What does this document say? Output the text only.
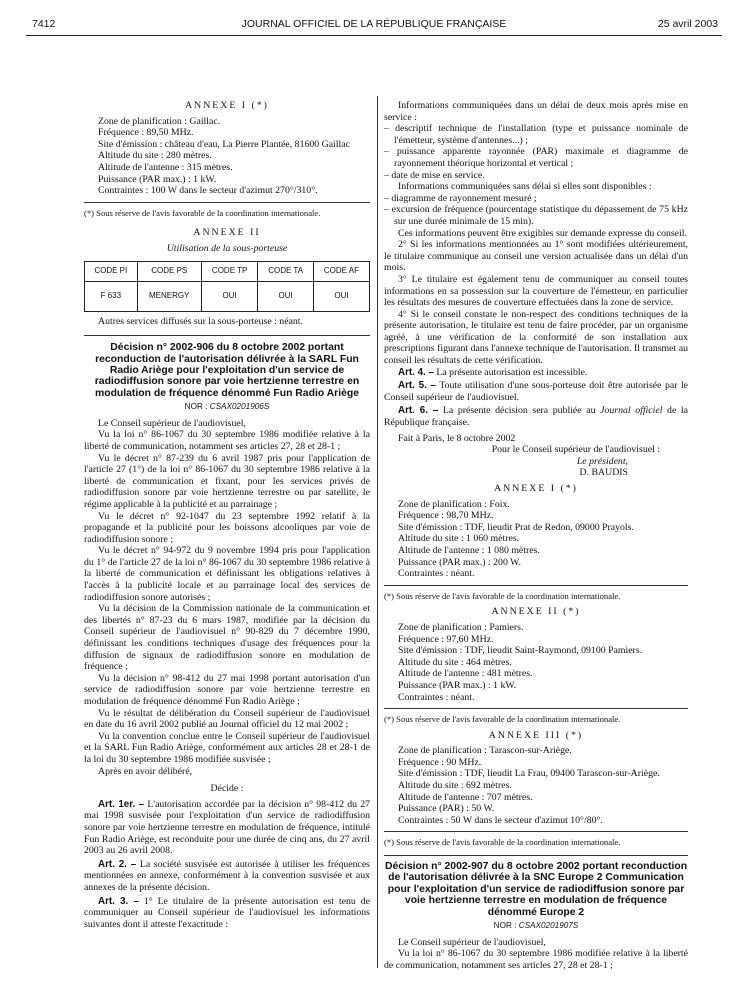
7412	JOURNAL OFFICIEL DE LA RÉPUBLIQUE FRANÇAISE	25 avril 2003
ANNEXE I (*)
Zone de planification : Gaillac.
Fréquence : 89,50 MHz.
Site d'émission : château d'eau, La Pierre Plantée, 81600 Gaillac
Altitude du site : 280 mètres.
Altitude de l'antenne : 315 mètres.
Puissance (PAR max.) : 1 kW.
Contraintes : 100 W dans le secteur d'azimut 270°/310°.
(*) Sous réserve de l'avis favorable de la coordination internationale.
ANNEXE II
Utilisation de la sous-porteuse
CODE PI	CODE PS	CODE TP	CODE TA	CODE AF
F 633	MENERGY	OUI	OUI	OUI
Autres services diffusés sur la sous-porteuse : néant.
Décision n° 2002-906 du 8 octobre 2002 portant reconduction de l'autorisation délivrée à la SARL Fun Radio Ariège pour l'exploitation d'un service de radiodiffusion sonore par voie hertzienne terrestre en modulation de fréquence dénommé Fun Radio Ariège
NOR : CSAX0201906S
Le Conseil supérieur de l'audiovisuel,
Vu la loi n° 86-1067 du 30 septembre 1986 modifiée relative à la liberté de communication, notamment ses articles 27, 28 et 28-1 ;
Vu le décret n° 87-239 du 6 avril 1987 pris pour l'application de l'article 27 (1°) de la loi n° 86-1067 du 30 septembre 1986 relative à la liberté de communication et fixant, pour les services privés de radiodiffusion sonore par voie hertzienne terrestre ou par satellite, le régime applicable à la publicité et au parrainage ;
Vu le décret n° 92-1047 du 23 septembre 1992 relatif à la propagande et la publicité pour les boissons alcooliques par voie de radiodiffusion sonore ;
Vu le décret n° 94-972 du 9 novembre 1994 pris pour l'application du 1° de l'article 27 de la loi n° 86-1067 du 30 septembre 1986 relative à la liberté de communication et définissant les obligations relatives à l'accès à la publicité locale et au parrainage local des services de radiodiffusion sonore autorisés ;
Vu la décision de la Commission nationale de la communication et des libertés n° 87-23 du 6 mars 1987, modifiée par la décision du Conseil supérieur de l'audiovisuel n° 90-829 du 7 décembre 1990, définissant les conditions techniques d'usage des fréquences pour la diffusion de signaux de radiodiffusion sonore en modulation de fréquence ;
Vu la décision n° 98-412 du 27 mai 1998 portant autorisation d'un service de radiodiffusion sonore par voie hertzienne terrestre en modulation de fréquence dénommé Fun Radio Ariège ;
Vu le résultat de délibération du Conseil supérieur de l'audiovisuel en date du 16 avril 2002 publié au Journal officiel du 12 mai 2002 ;
Vu la convention conclue entre le Conseil supérieur de l'audiovisuel et la SARL Fun Radio Ariège, conformément aux articles 28 et 28-1 de la loi du 30 septembre 1986 modifiée susvisée ;
Après en avoir délibéré,
Décide :
Art. 1er. – L'autorisation accordée par la décision n° 98-412 du 27 mai 1998 susvisée pour l'exploitation d'un service de radiodiffusion sonore par voie hertzienne terrestre en modulation de fréquence, intitulé Fun Radio Ariège, est reconduite pour une durée de cinq ans, du 27 avril 2003 au 26 avril 2008.
Art. 2. – La société susvisée est autorisée à utiliser les fréquences mentionnées en annexe, conformément à la convention susvisée et aux annexes de la présente décision.
Art. 3. – 1° Le titulaire de la présente autorisation est tenu de communiquer au Conseil supérieur de l'audiovisuel les informations suivantes dont il atteste l'exactitude :
Informations communiquées dans un délai de deux mois après mise en service :
– descriptif technique de l'installation (type et puissance nominale de l'émetteur, système d'antennes...) ;
– puissance apparente rayonnée (PAR) maximale et diagramme de rayonnement théorique horizontal et vertical ;
– date de mise en service.
Informations communiquées sans délai si elles sont disponibles :
– diagramme de rayonnement mesuré ;
– excursion de fréquence (pourcentage statistique du dépassement de 75 kHz sur une durée minimale de 15 min).
Ces informations peuvent être exigibles sur demande expresse du conseil.
2° Si les informations mentionnées au 1° sont modifiées ultérieurement, le titulaire communique au conseil une version actualisée dans un délai d'un mois.
3° Le titulaire est également tenu de communiquer au conseil toutes informations en sa possession sur la couverture de l'émetteur, en particulier les résultats des mesures de couverture effectuées dans la zone de service.
4° Si le conseil constate le non-respect des conditions techniques de la présente autorisation, le titulaire est tenu de faire procéder, par un organisme agréé, à une vérification de la conformité de son installation aux prescriptions figurant dans l'annexe technique de l'autorisation. Il transmet au conseil les résultats de cette vérification.
Art. 4. – La présente autorisation est incessible.
Art. 5. – Toute utilisation d'une sous-porteuse doit être autorisée par le Conseil supérieur de l'audiovisuel.
Art. 6. – La présente décision sera publiée au Journal officiel de la République française.
Fait à Paris, le 8 octobre 2002
Pour le Conseil supérieur de l'audiovisuel :
Le président,
D. BAUDIS
ANNEXE I (*)
Zone de planification : Foix.
Fréquence : 98,70 MHz.
Site d'émission : TDF, lieudit Prat de Redon, 09000 Prayols.
Altitude du site : 1 060 mètres.
Altitude de l'antenne : 1 080 mètres.
Puissance (PAR max.) : 200 W.
Contraintes : néant.
(*) Sous réserve de l'avis favorable de la coordination internationale.
ANNEXE II (*)
Zone de planification : Pamiers.
Fréquence : 97,60 MHz.
Site d'émission : TDF, lieudit Saint-Raymond, 09100 Pamiers.
Altitude du site : 464 mètres.
Altitude de l'antenne : 481 mètres.
Puissance (PAR max.) : 1 kW.
Contraintes : néant.
(*) Sous réserve de l'avis favorable de la coordination internationale.
ANNEXE III (*)
Zone de planification : Tarascon-sur-Ariège.
Fréquence : 90 MHz.
Site d'émission : TDF, lieudit La Frau, 09400 Tarascon-sur-Ariège.
Altitude du site : 692 mètres.
Altitude de l'antenne : 707 mètres.
Puissance (PAR) : 50 W.
Contraintes : 50 W dans le secteur d'azimut 10°/80°.
(*) Sous réserve de l'avis favorable de la coordination internationale.
Décision n° 2002-907 du 8 octobre 2002 portant reconduction de l'autorisation délivrée à la SNC Europe 2 Communication pour l'exploitation d'un service de radiodiffusion sonore par voie hertzienne terrestre en modulation de fréquence dénommé Europe 2
NOR : CSAX0201907S
Le Conseil supérieur de l'audiovisuel,
Vu la loi n° 86-1067 du 30 septembre 1986 modifiée relative à la liberté de communication, notamment ses articles 27, 28 et 28-1 ;
